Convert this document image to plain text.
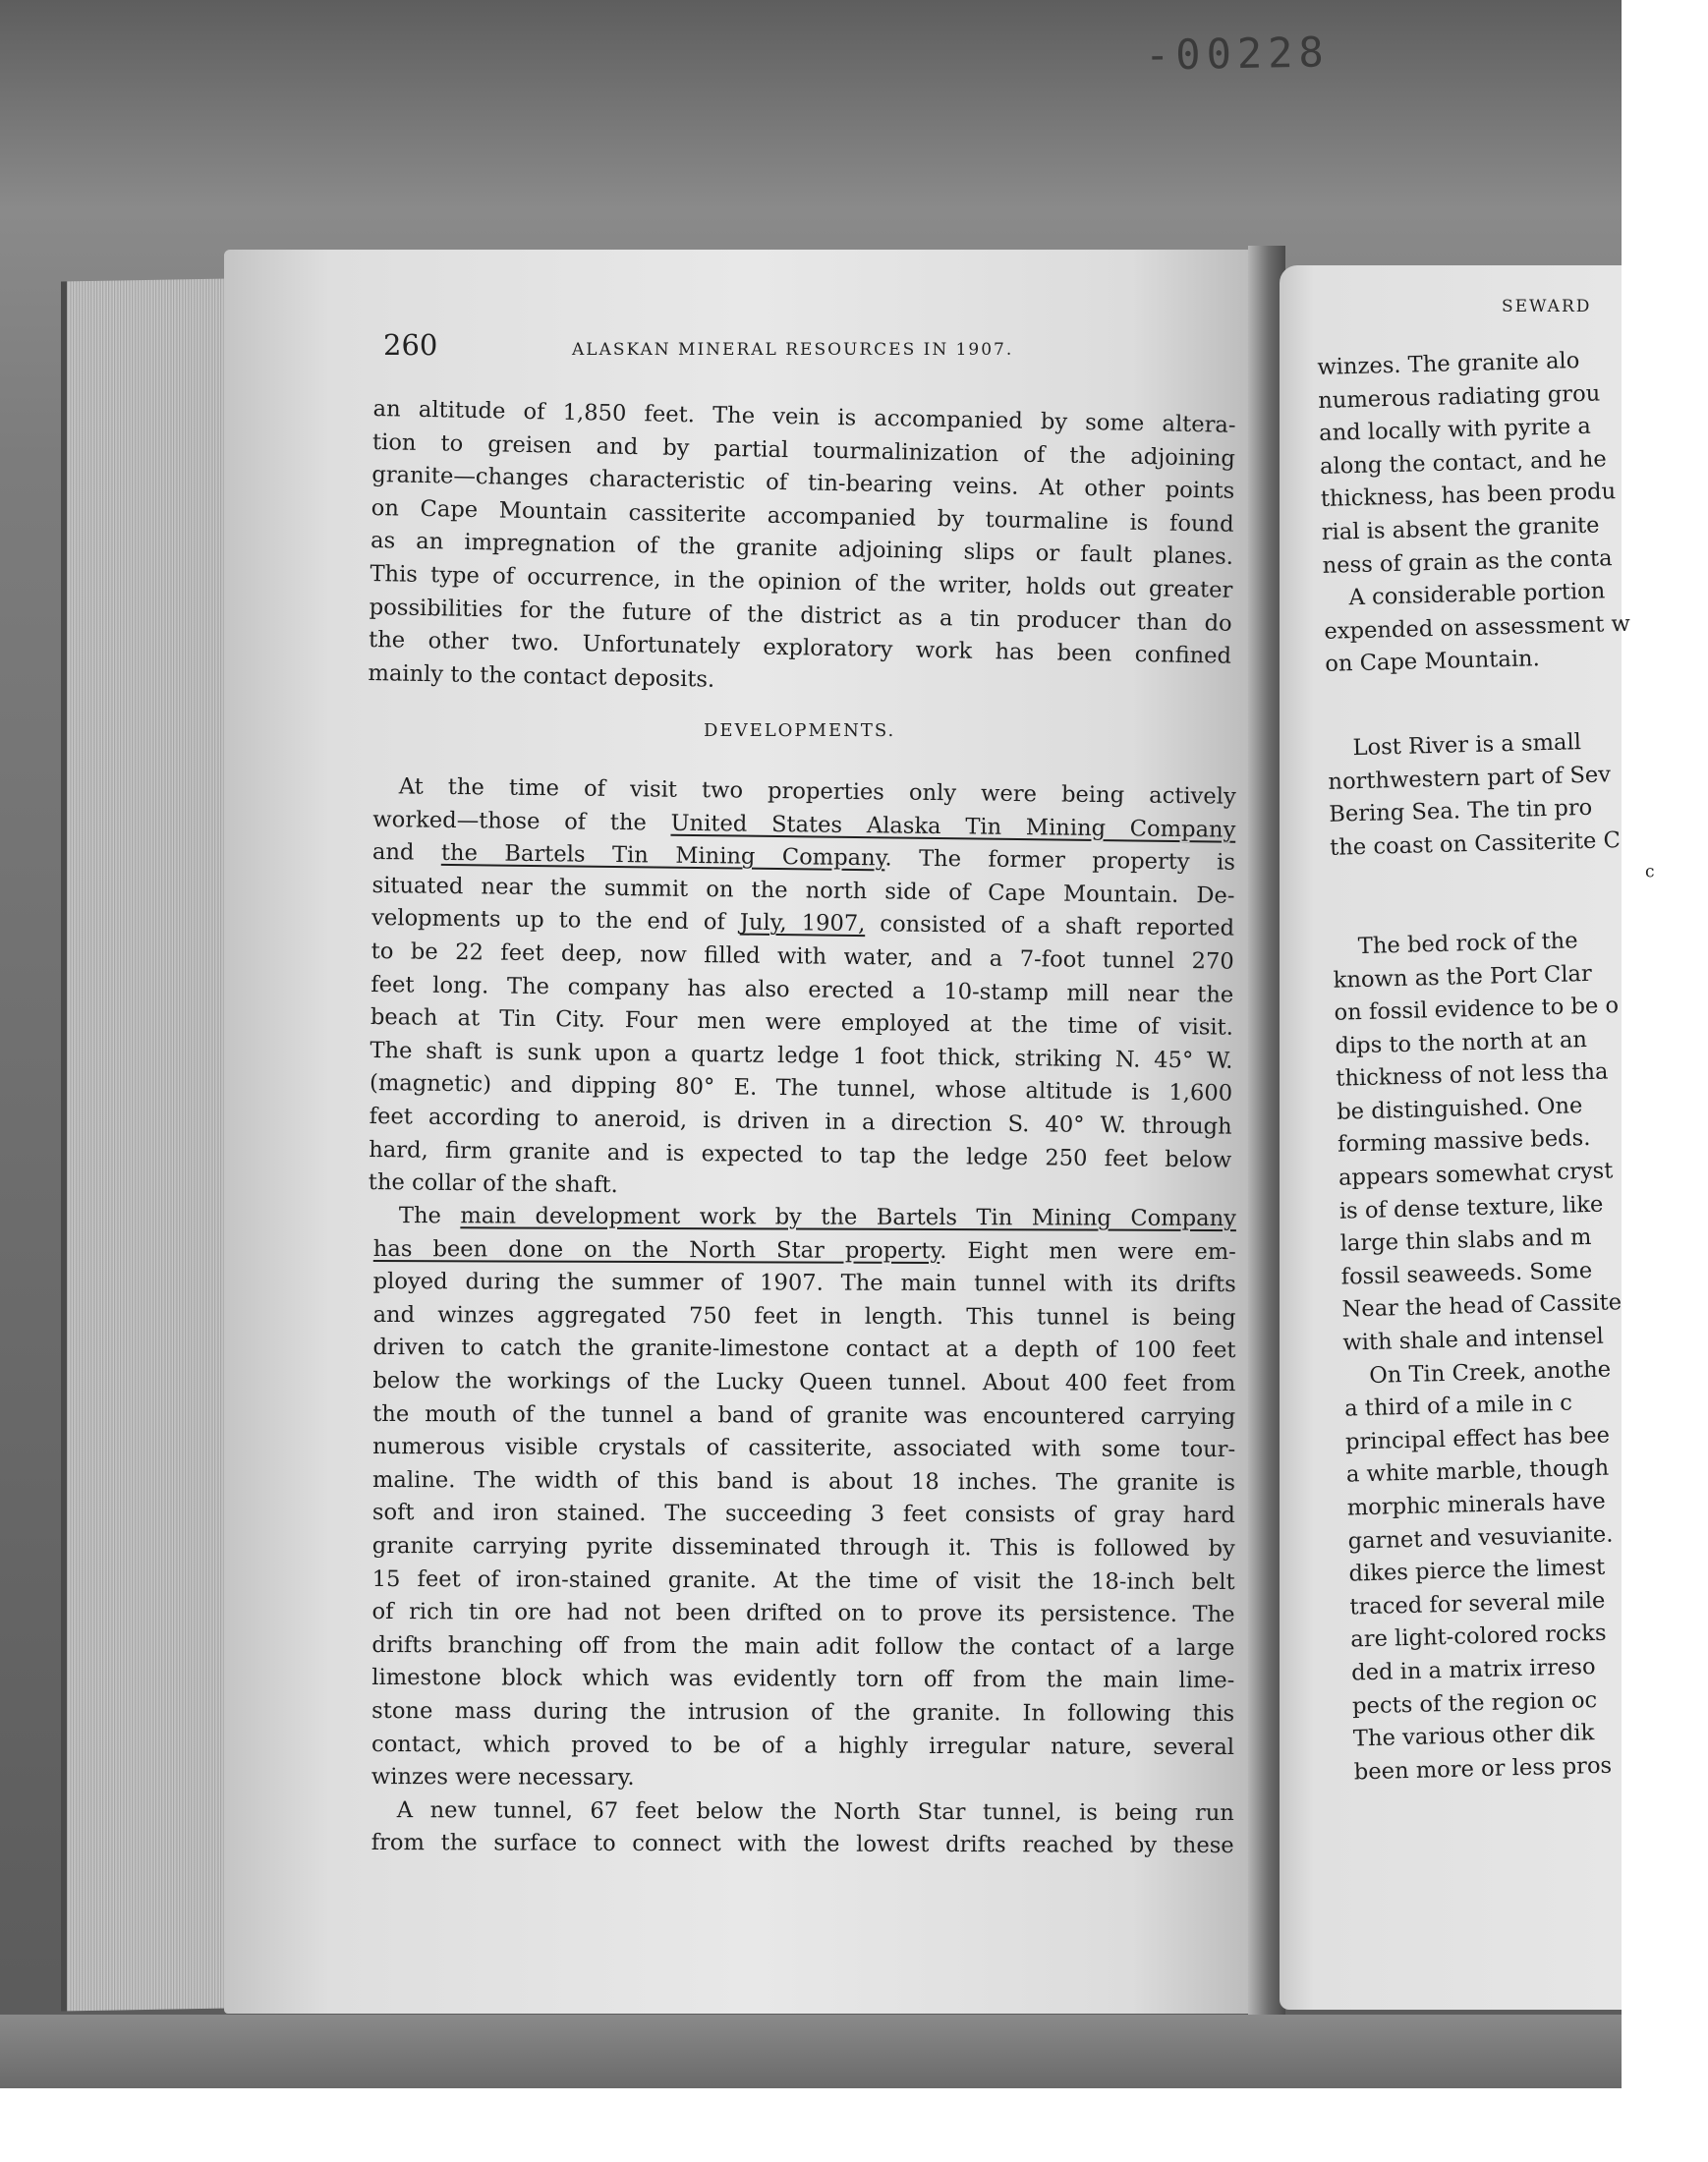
-00228
260	ALASKAN MINERAL RESOURCES IN 1907.
an altitude of 1,850 feet. The vein is accompanied by some altera-
tion to greisen and by partial tourmalinization of the adjoining
granite—changes characteristic of tin-bearing veins. At other points
on Cape Mountain cassiterite accompanied by tourmaline is found
as an impregnation of the granite adjoining slips or fault planes.
This type of occurrence, in the opinion of the writer, holds out greater
possibilities for the future of the district as a tin producer than do
the other two. Unfortunately exploratory work has been confined
mainly to the contact deposits.
DEVELOPMENTS.
At the time of visit two properties only were being actively
worked—those of the United States Alaska Tin Mining Company
and the Bartels Tin Mining Company. The former property is
situated near the summit on the north side of Cape Mountain. De-
velopments up to the end of July, 1907, consisted of a shaft reported
to be 22 feet deep, now filled with water, and a 7-foot tunnel 270
feet long. The company has also erected a 10-stamp mill near the
beach at Tin City. Four men were employed at the time of visit.
The shaft is sunk upon a quartz ledge 1 foot thick, striking N. 45° W.
(magnetic) and dipping 80° E. The tunnel, whose altitude is 1,600
feet according to aneroid, is driven in a direction S. 40° W. through
hard, firm granite and is expected to tap the ledge 250 feet below
the collar of the shaft.
The main development work by the Bartels Tin Mining Company
has been done on the North Star property. Eight men were em-
ployed during the summer of 1907. The main tunnel with its drifts
and winzes aggregated 750 feet in length. This tunnel is being
driven to catch the granite-limestone contact at a depth of 100 feet
below the workings of the Lucky Queen tunnel. About 400 feet from
the mouth of the tunnel a band of granite was encountered carrying
numerous visible crystals of cassiterite, associated with some tour-
maline. The width of this band is about 18 inches. The granite is
soft and iron stained. The succeeding 3 feet consists of gray hard
granite carrying pyrite disseminated through it. This is followed by
15 feet of iron-stained granite. At the time of visit the 18-inch belt
of rich tin ore had not been drifted on to prove its persistence. The
drifts branching off from the main adit follow the contact of a large
limestone block which was evidently torn off from the main lime-
stone mass during the intrusion of the granite. In following this
contact, which proved to be of a highly irregular nature, several
winzes were necessary.
A new tunnel, 67 feet below the North Star tunnel, is being run
from the surface to connect with the lowest drifts reached by these
SEWARD
winzes. The granite alo
numerous radiating grou
and locally with pyrite a
along the contact, and he
thickness, has been produ
rial is absent the granite
ness of grain as the conta
A considerable portion
expended on assessment w
on Cape Mountain.
Lost River is a small
northwestern part of Sev
Bering Sea. The tin pro
the coast on Cassiterite C
c
The bed rock of the
known as the Port Clar
on fossil evidence to be o
dips to the north at an
thickness of not less tha
be distinguished. One
forming massive beds.
appears somewhat cryst
is of dense texture, like
large thin slabs and m
fossil seaweeds. Some
Near the head of Cassite
with shale and intensel
On Tin Creek, anothe
a third of a mile in c
principal effect has bee
a white marble, though
morphic minerals have
garnet and vesuvianite.
dikes pierce the limest
traced for several mile
are light-colored rocks
ded in a matrix irreso
pects of the region oc
The various other dik
been more or less pros
